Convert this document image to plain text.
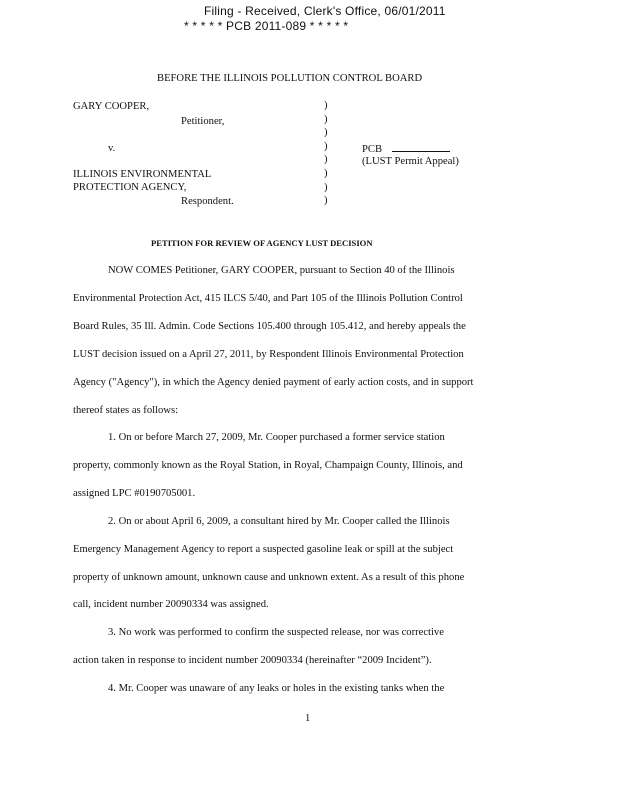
Filing - Received, Clerk's Office, 06/01/2011
* * * * * PCB 2011-089 * * * * *
BEFORE THE ILLINOIS POLLUTION CONTROL BOARD
GARY COOPER,
Petitioner,
v.
ILLINOIS ENVIRONMENTAL
PROTECTION AGENCY,
Respondent.
)
)
)
)
)
)
)
)
PCB
(LUST Permit Appeal)
PETITION FOR REVIEW OF AGENCY LUST DECISION
NOW COMES Petitioner, GARY COOPER, pursuant to Section 40 of the Illinois
Environmental Protection Act, 415 ILCS 5/40, and Part 105 of the Illinois Pollution Control
Board Rules, 35 Ill. Admin. Code Sections 105.400 through 105.412, and hereby appeals the
LUST decision issued on a April 27, 2011, by Respondent Illinois Environmental Protection
Agency ("Agency"), in which the Agency denied payment of early action costs, and in support
thereof states as follows:
1. On or before March 27, 2009, Mr. Cooper purchased a former service station
property, commonly known as the Royal Station, in Royal, Champaign County, Illinois, and
assigned LPC #0190705001.
2. On or about April 6, 2009, a consultant hired by Mr. Cooper called the Illinois
Emergency Management Agency to report a suspected gasoline leak or spill at the subject
property of unknown amount, unknown cause and unknown extent. As a result of this phone
call, incident number 20090334 was assigned.
3. No work was performed to confirm the suspected release, nor was corrective
action taken in response to incident number 20090334 (hereinafter “2009 Incident”).
4. Mr. Cooper was unaware of any leaks or holes in the existing tanks when the
1
